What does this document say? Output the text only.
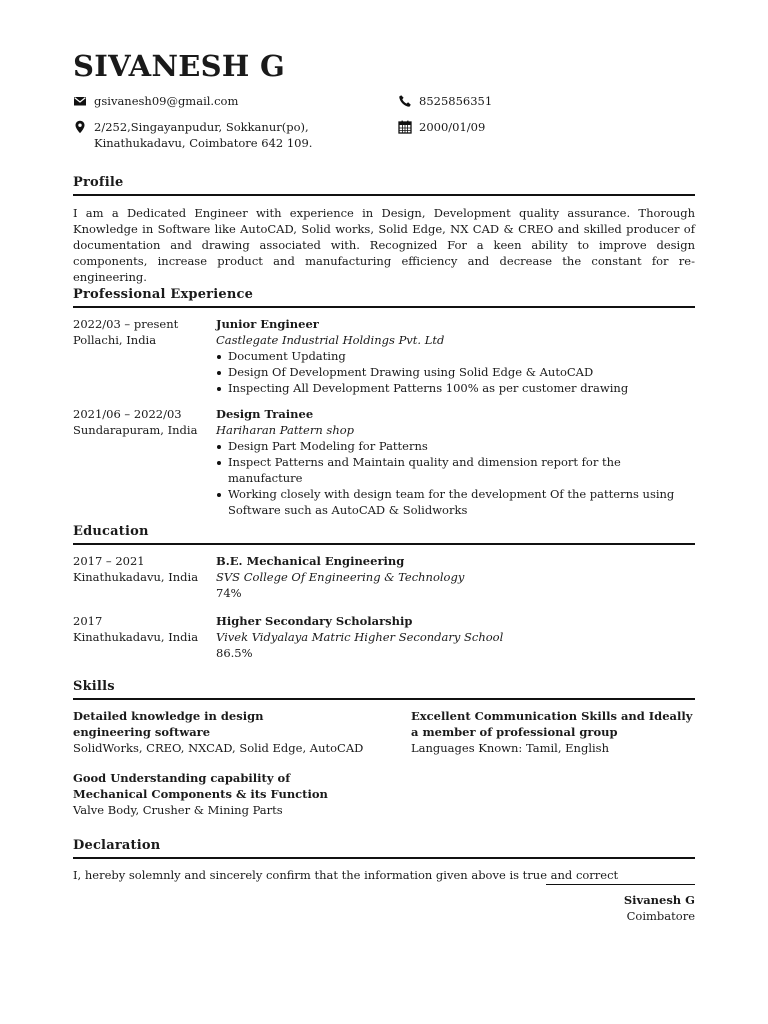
SIVANESH G
gsivanesh09@gmail.com	8525856351
2/252,Singayanpudur, Sokkanur(po),
Kinathukadavu, Coimbatore 642 109.
2000/01/09
Profile
I am a Dedicated Engineer with experience in Design, Development quality assurance. Thorough Knowledge in Software like AutoCAD, Solid works, Solid Edge, NX CAD & CREO and skilled producer of documentation and drawing associated with. Recognized For a keen ability to improve design components, increase product and manufacturing efficiency and decrease the constant for re- engineering.
Professional Experience
2022/03 – present
Pollachi, India
Junior Engineer
Castlegate Industrial Holdings Pvt. Ltd
Document Updating
Design Of Development Drawing using Solid Edge & AutoCAD
Inspecting All Development Patterns 100% as per customer drawing
2021/06 – 2022/03
Sundarapuram, India
Design Trainee
Hariharan Pattern shop
Design Part Modeling for Patterns
Inspect Patterns and Maintain quality and dimension report for the manufacture
Working closely with design team for the development Of the patterns using Software such as AutoCAD & Solidworks
Education
2017 – 2021
Kinathukadavu, India
B.E. Mechanical Engineering
SVS College Of Engineering & Technology
74%
2017
Kinathukadavu, India
Higher Secondary Scholarship
Vivek Vidyalaya Matric Higher Secondary School
86.5%
Skills
Detailed knowledge in design engineering software
SolidWorks, CREO, NXCAD, Solid Edge, AutoCAD
Excellent Communication Skills and Ideally a member of professional group
Languages Known: Tamil, English
Good Understanding capability of Mechanical Components & its Function
Valve Body, Crusher & Mining Parts
Declaration
I, hereby solemnly and sincerely confirm that the information given above is true and correct
Sivanesh G
Coimbatore
